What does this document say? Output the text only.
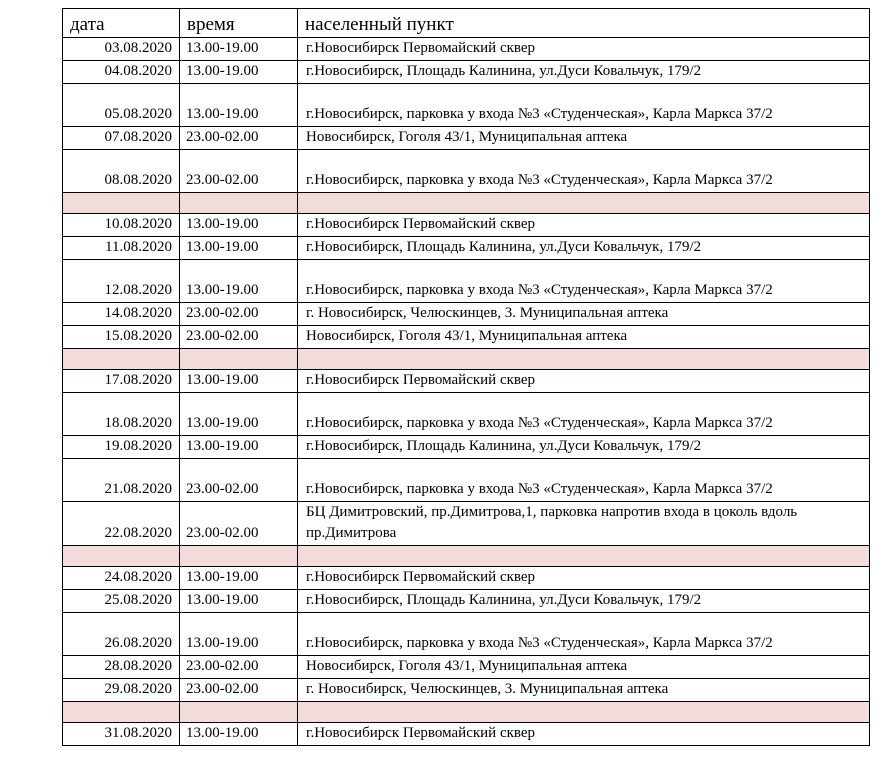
дата	время	населенный пункт
03.08.2020	13.00-19.00	г.Новосибирск Первомайский сквер
04.08.2020	13.00-19.00	г.Новосибирск, Площадь Калинина, ул.Дуси Ковальчук, 179/2
05.08.2020	13.00-19.00	г.Новосибирск, парковка у входа №3 «Студенческая», Карла Маркса 37/2
07.08.2020	23.00-02.00	Новосибирск, Гоголя 43/1, Муниципальная аптека
08.08.2020	23.00-02.00	г.Новосибирск, парковка у входа №3 «Студенческая», Карла Маркса 37/2

10.08.2020	13.00-19.00	г.Новосибирск Первомайский сквер
11.08.2020	13.00-19.00	г.Новосибирск, Площадь Калинина, ул.Дуси Ковальчук, 179/2
12.08.2020	13.00-19.00	г.Новосибирск, парковка у входа №3 «Студенческая», Карла Маркса 37/2
14.08.2020	23.00-02.00	г. Новосибирск, Челюскинцев, 3. Муниципальная аптека
15.08.2020	23.00-02.00	Новосибирск, Гоголя 43/1, Муниципальная аптека

17.08.2020	13.00-19.00	г.Новосибирск Первомайский сквер
18.08.2020	13.00-19.00	г.Новосибирск, парковка у входа №3 «Студенческая», Карла Маркса 37/2
19.08.2020	13.00-19.00	г.Новосибирск, Площадь Калинина, ул.Дуси Ковальчук, 179/2
21.08.2020	23.00-02.00	г.Новосибирск, парковка у входа №3 «Студенческая», Карла Маркса 37/2
22.08.2020	23.00-02.00	БЦ Димитровский, пр.Димитрова,1, парковка напротив входа в цоколь вдоль пр.Димитрова

24.08.2020	13.00-19.00	г.Новосибирск Первомайский сквер
25.08.2020	13.00-19.00	г.Новосибирск, Площадь Калинина, ул.Дуси Ковальчук, 179/2
26.08.2020	13.00-19.00	г.Новосибирск, парковка у входа №3 «Студенческая», Карла Маркса 37/2
28.08.2020	23.00-02.00	Новосибирск, Гоголя 43/1, Муниципальная аптека
29.08.2020	23.00-02.00	г. Новосибирск, Челюскинцев, 3. Муниципальная аптека

31.08.2020	13.00-19.00	г.Новосибирск Первомайский сквер
